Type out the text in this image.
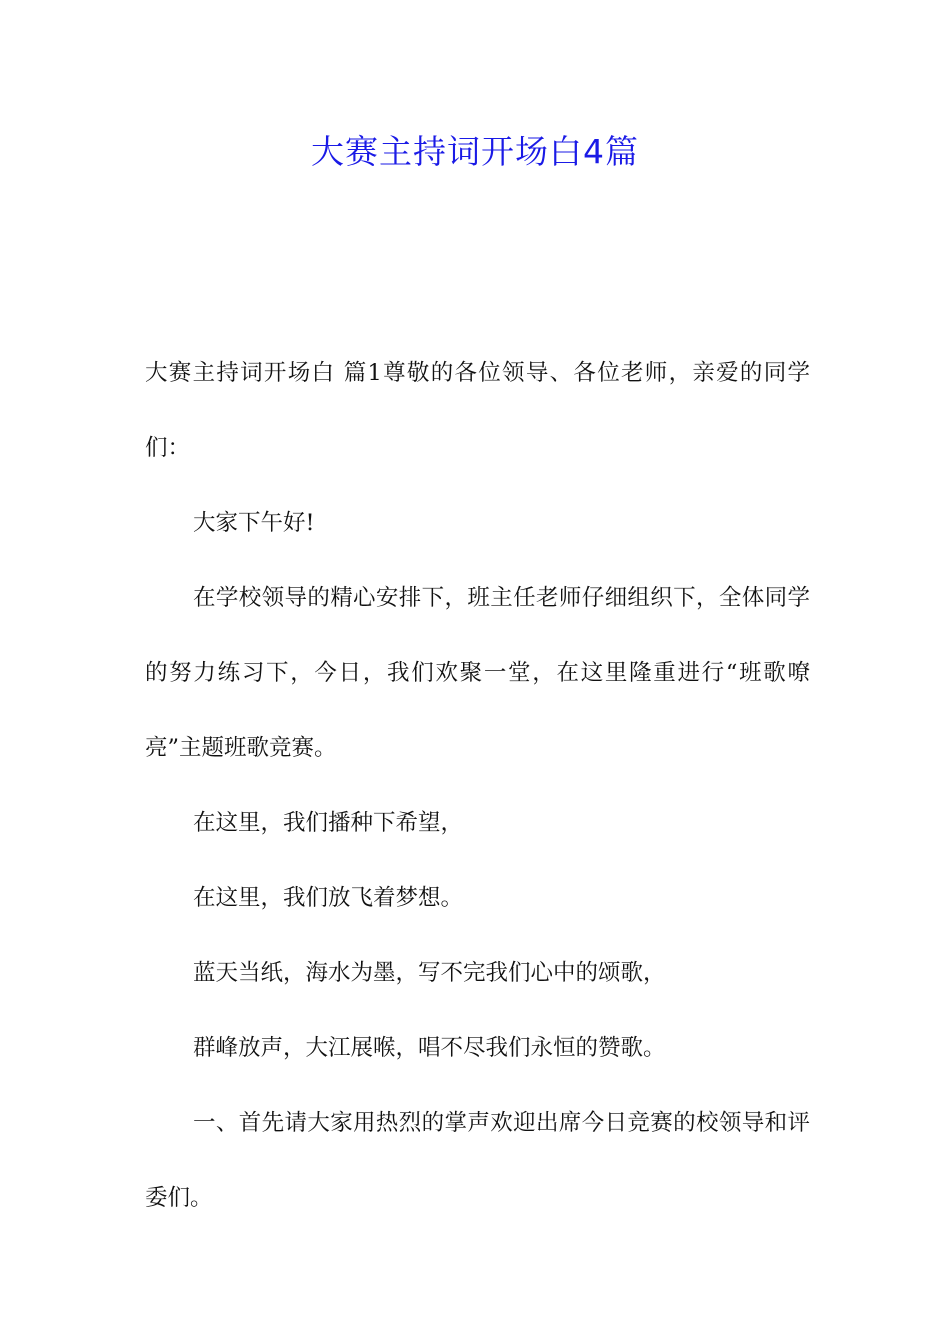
大赛主持词开场白4篇

大赛主持词开场白 篇1尊敬的各位领导、各位老师，亲爱的同学们：

大家下午好!

在学校领导的精心安排下，班主任老师仔细组织下，全体同学的努力练习下，今日，我们欢聚一堂，在这里隆重进行“班歌嘹亮”主题班歌竞赛。

在这里，我们播种下希望，

在这里，我们放飞着梦想。

蓝天当纸，海水为墨，写不完我们心中的颂歌，

群峰放声，大江展喉，唱不尽我们永恒的赞歌。

一、首先请大家用热烈的掌声欢迎出席今日竞赛的校领导和评委们。
